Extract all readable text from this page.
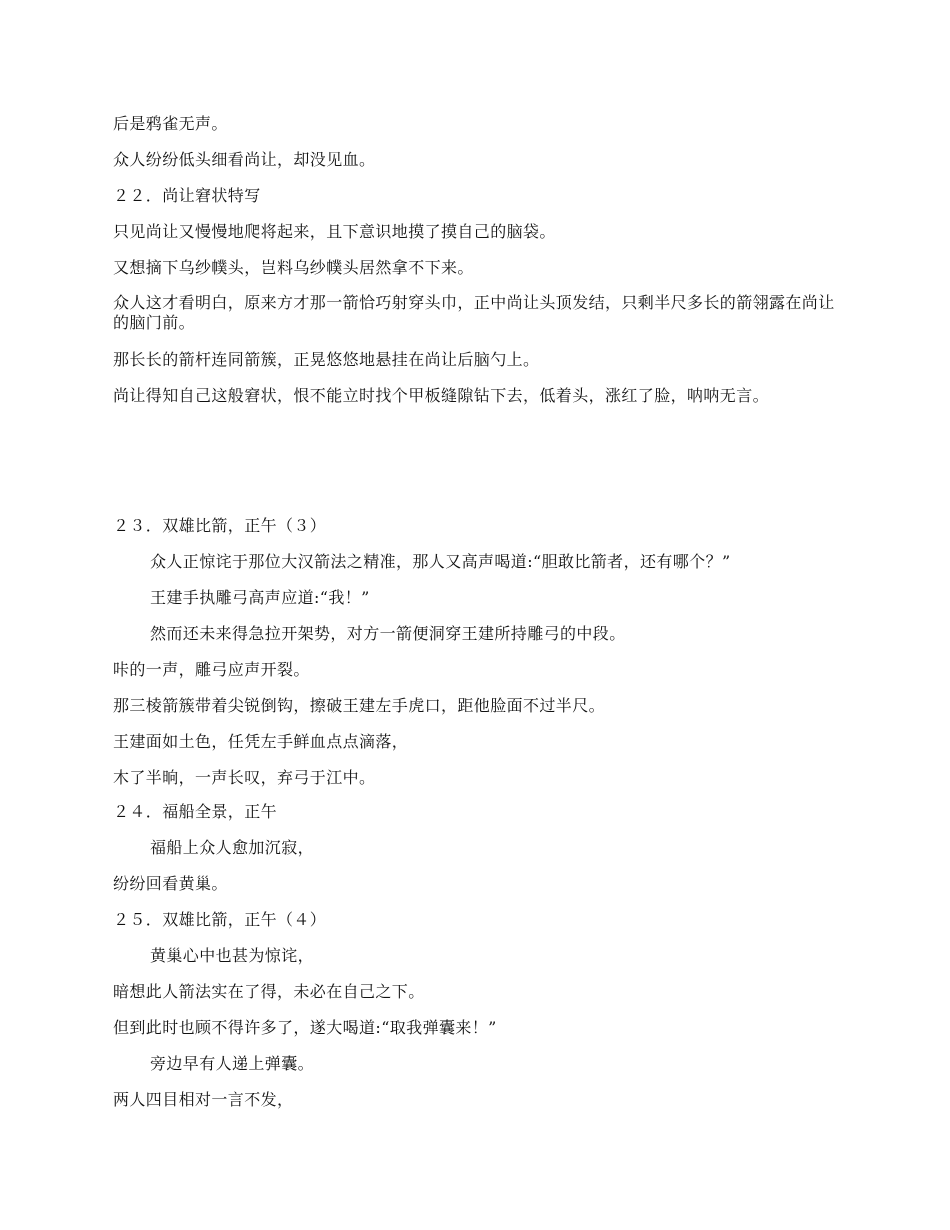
后是鸦雀无声。
众人纷纷低头细看尚让，却没见血。
２２．尚让窘状特写
只见尚让又慢慢地爬将起来，且下意识地摸了摸自己的脑袋。
又想摘下乌纱幞头，岂料乌纱幞头居然拿不下来。
众人这才看明白，原来方才那一箭恰巧射穿头巾，正中尚让头顶发结，只剩半尺多长的箭翎露在尚让的脑门前。
那长长的箭杆连同箭簇，正晃悠悠地悬挂在尚让后脑勺上。
尚让得知自己这般窘状，恨不能立时找个甲板缝隙钻下去，低着头，涨红了脸，呐呐无言。
２３．双雄比箭，正午（３）
众人正惊诧于那位大汉箭法之精准，那人又高声喝道:“胆敢比箭者，还有哪个？”
王建手执雕弓高声应道:“我！”
然而还未来得急拉开架势，对方一箭便洞穿王建所持雕弓的中段。
咔的一声，雕弓应声开裂。
那三棱箭簇带着尖锐倒钩，擦破王建左手虎口，距他脸面不过半尺。
王建面如土色，任凭左手鲜血点点滴落，
木了半晌，一声长叹，弃弓于江中。
２４．福船全景，正午
福船上众人愈加沉寂，
纷纷回看黄巢。
２５．双雄比箭，正午（４）
黄巢心中也甚为惊诧，
暗想此人箭法实在了得，未必在自己之下。
但到此时也顾不得许多了，遂大喝道:“取我弹囊来！”
旁边早有人递上弹囊。
两人四目相对一言不发，
